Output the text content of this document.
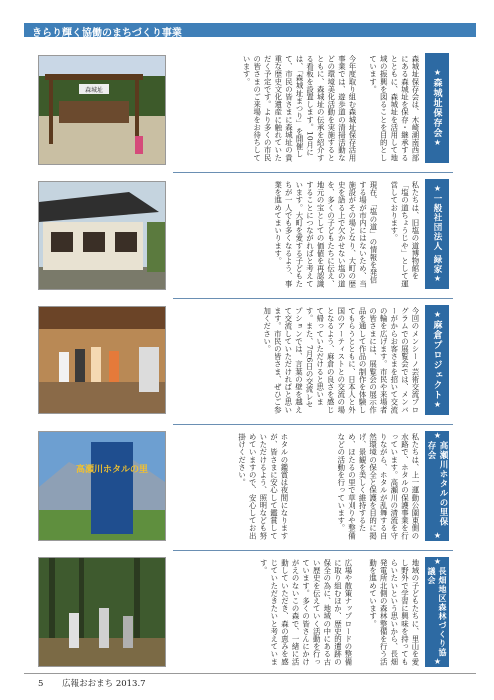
きらり輝く協働のまちづくり事業
森城址
高瀬川ホタルの里
★
森城址保存会
★
森城址保存会は、木崎湖南西部にある森城址を保存・継承するとともに、森城址を活用して地域の振興を図ることを目的としています。
今年度取り組む森城址保存活用事業では、遊歩道の清掃活動などの環境美化活動を実施するとともに、森城址の伝承を紹介する看板を設置します。10月には、「森城址まつり」を開催して、市民の皆さまに森城址の貴重な歴史文化遺産に触れていただく予定です。より多くの市民の皆さまのご来場をお待ちしています。
★
一般社団法人 緑家
★
私たちは、旧塩の道博物館を「塩の道ちょうじや」として運営しております。
現在、「塩の道」の情報を発信する場が市内にはないため、当施設がその場となり、大町の歴史を語る上で欠かせない塩の道を、多くの子どもたちに伝え、地元の宝としての価値を再認識することにつながればと考えています。大町を愛する子どもたちが一人でも多くなるよう、事業を進めてまいります。
★
麻倉プロジェクト
★
今回のメンシーノ芸術交流プログラムでの展覧会では、メンバーがからお客さまを招いて交流の輪を広げます。市民や来場者の皆さまには、展覧会の展示作品を通して作品の制作を体験してもらうとともに、日本人と外国のアーティストとの交流の場となるよう、麻倉の良さを感じて帰っていただけると思います。また、7月6日の交流レセプションでは、言葉の壁を越えて交流していただければと思います。市民の皆さま、ぜひご参加ください。
★
高瀬川ホタルの里保存会
★
私たちは、上一運動公園東側の水路で、ホタルの保護事業を行っています。高瀬川の清流を守りながら、ホタルが乱舞する自然環境の保全と保護を目的に掲げ、景観を美しく維持するため、ほたるの里で草刈りや整備などの活動を行っています。
ホタルの鑑賞は夜間になりますが、皆さまに安心して鑑賞していただけるよう、照明なども努めていますので、安心してお出掛けください。
★
長畑地区森林づくり協議会
★
地域の子どもたちに、里山を愛し野外で学習に興味を持ってもらいたいという思いから、長畑発電所北側の森林整備を行う活動を進めています。
広場や散策ナップロードの整備に取り組むほか、歴史的遺跡の保全の為に、地域の中にある古い歴史を伝えていく活動を行っています。多くの皆さんにかけがえのないこの森で、一緒に活動していただき、森の恵みを感じていただきたいと考えています。
5 広報おおまち 2013.7
